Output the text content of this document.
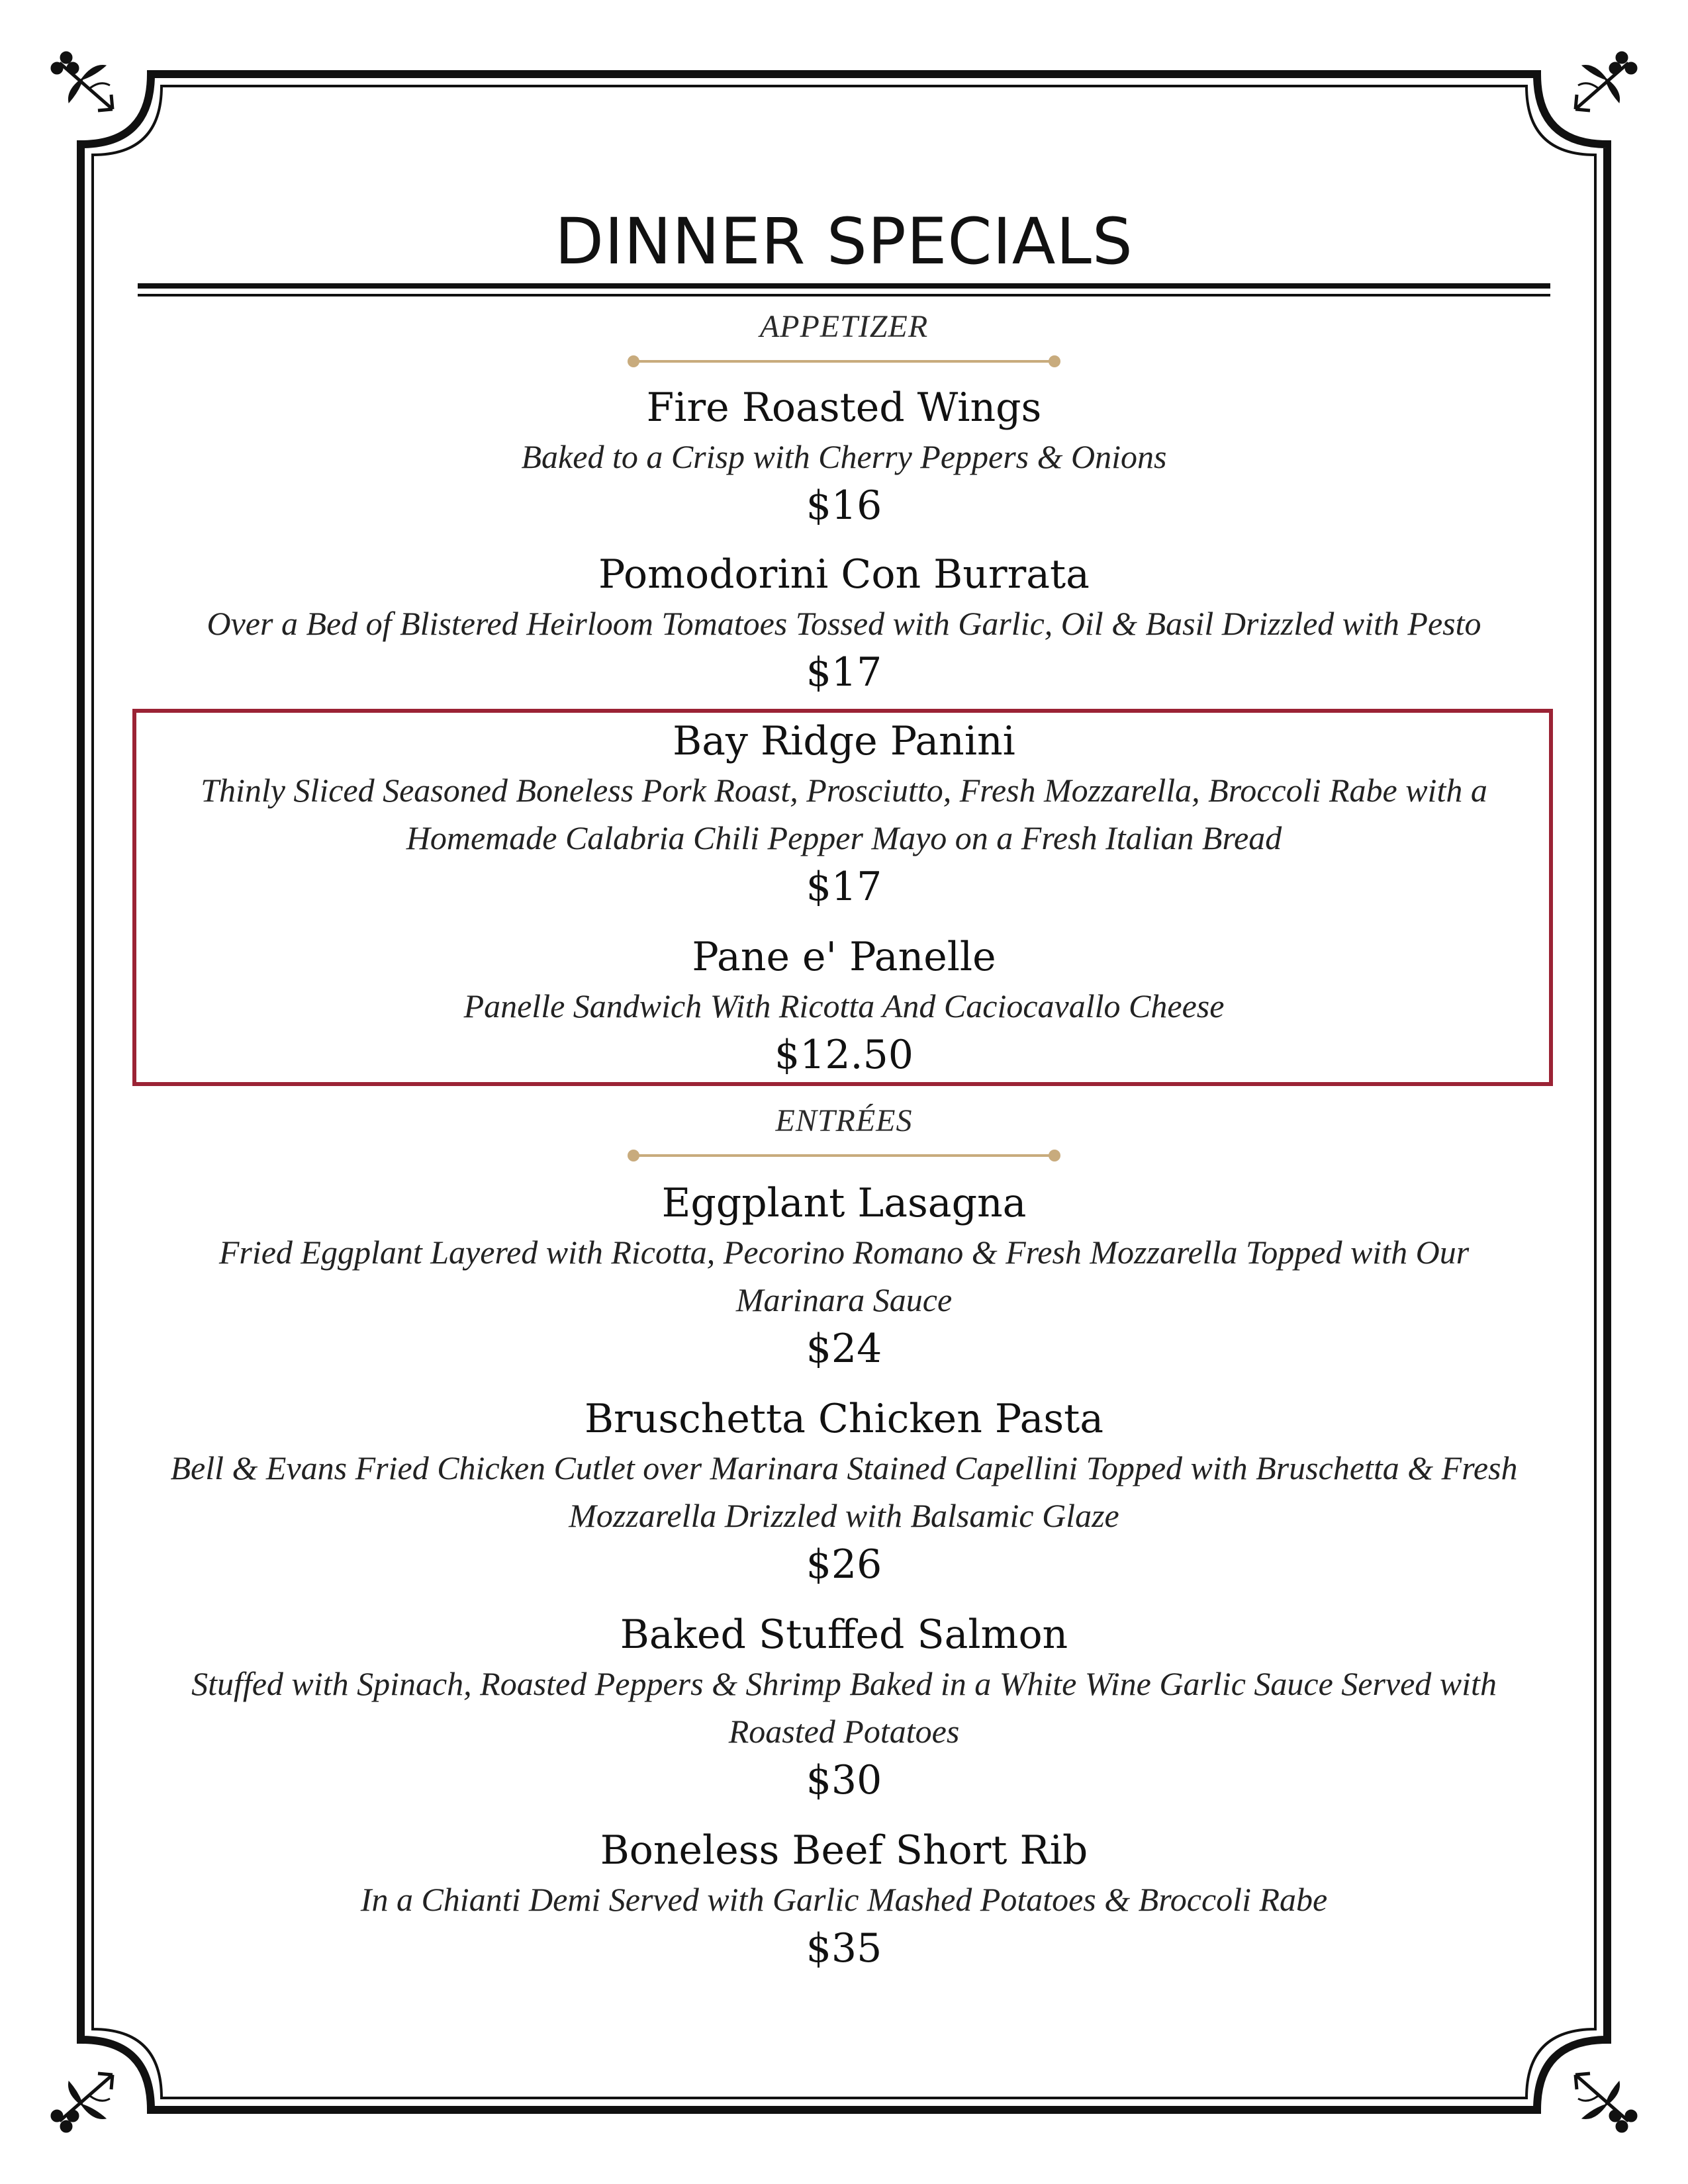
DINNER SPECIALS
APPETIZER
Fire Roasted Wings
Baked to a Crisp with Cherry Peppers & Onions
$16
Pomodorini Con Burrata
Over a Bed of Blistered Heirloom Tomatoes Tossed with Garlic, Oil & Basil Drizzled with Pesto
$17
Bay Ridge Panini
Thinly Sliced Seasoned Boneless Pork Roast, Prosciutto, Fresh Mozzarella, Broccoli Rabe with a Homemade Calabria Chili Pepper Mayo on a Fresh Italian Bread
$17
Pane e' Panelle
Panelle Sandwich With Ricotta And Caciocavallo Cheese
$12.50
ENTRÉES
Eggplant Lasagna
Fried Eggplant Layered with Ricotta, Pecorino Romano & Fresh Mozzarella Topped with Our Marinara Sauce
$24
Bruschetta Chicken Pasta
Bell & Evans Fried Chicken Cutlet over Marinara Stained Capellini Topped with Bruschetta & Fresh Mozzarella Drizzled with Balsamic Glaze
$26
Baked Stuffed Salmon
Stuffed with Spinach, Roasted Peppers & Shrimp Baked in a White Wine Garlic Sauce Served with Roasted Potatoes
$30
Boneless Beef Short Rib
In a Chianti Demi Served with Garlic Mashed Potatoes & Broccoli Rabe
$35
